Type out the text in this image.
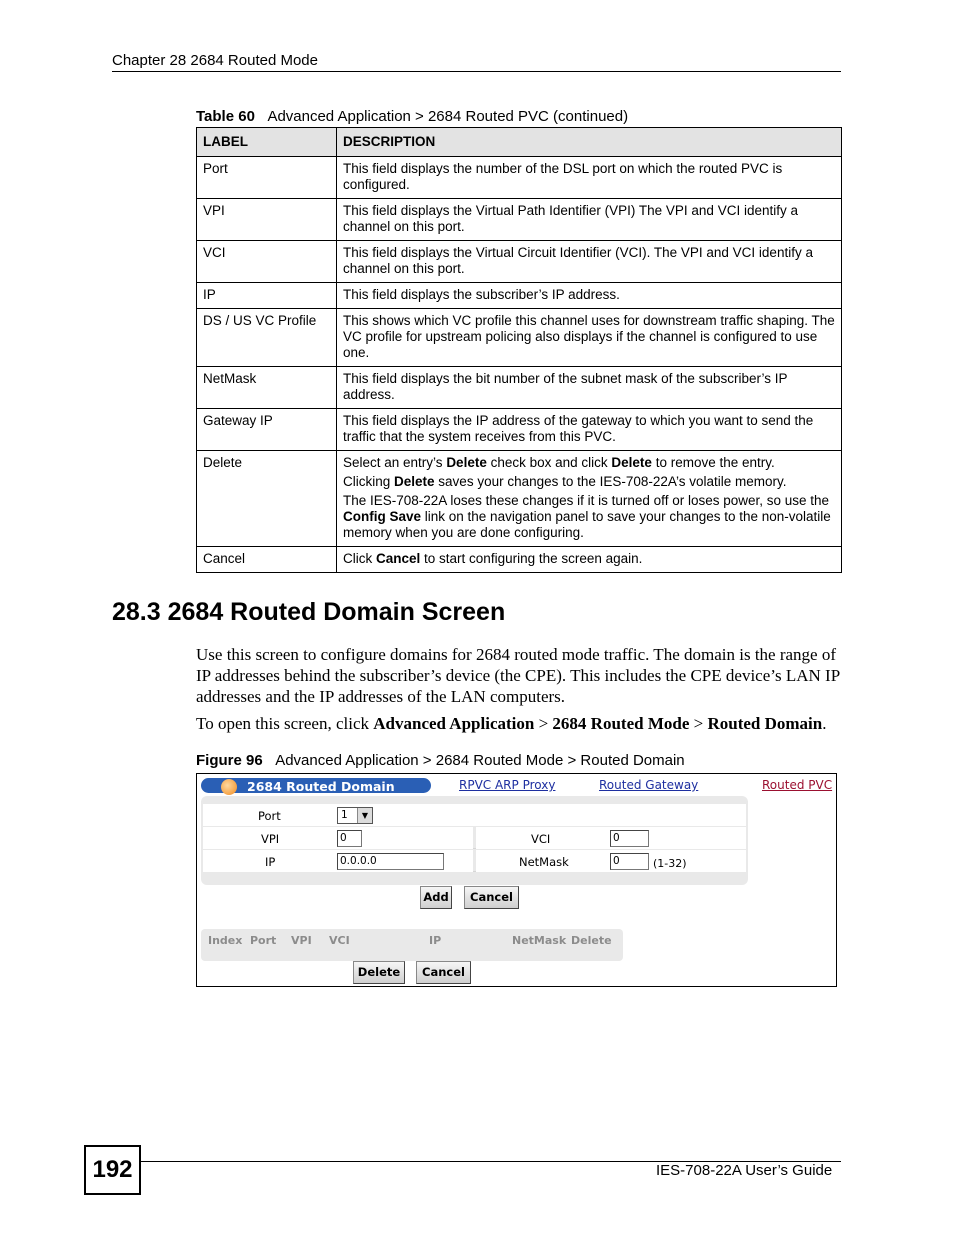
Chapter 28 2684 Routed Mode
Table 60 Advanced Application > 2684 Routed PVC (continued)
LABEL	DESCRIPTION
Port	This field displays the number of the DSL port on which the routed PVC is configured.
VPI	This field displays the Virtual Path Identifier (VPI) The VPI and VCI identify a channel on this port.
VCI	This field displays the Virtual Circuit Identifier (VCI). The VPI and VCI identify a channel on this port.
IP	This field displays the subscriber’s IP address.
DS / US VC Profile	This shows which VC profile this channel uses for downstream traffic shaping. The VC profile for upstream policing also displays if the channel is configured to use one.
NetMask	This field displays the bit number of the subnet mask of the subscriber’s IP address.
Gateway IP	This field displays the IP address of the gateway to which you want to send the traffic that the system receives from this PVC.
Delete	Select an entry’s Delete check box and click Delete to remove the entry.

Clicking Delete saves your changes to the IES-708-22A’s volatile memory.

The IES-708-22A loses these changes if it is turned off or loses power, so use the Config Save link on the navigation panel to save your changes to the non-volatile memory when you are done configuring.

Cancel	Click Cancel to start configuring the screen again.
28.3 2684 Routed Domain Screen
Use this screen to configure domains for 2684 routed mode traffic. The domain is the range of IP addresses behind the subscriber’s device (the CPE). This includes the CPE device’s LAN IP addresses and the IP addresses of the LAN computers.
To open this screen, click Advanced Application > 2684 Routed Mode > Routed Domain.
Figure 96 Advanced Application > 2684 Routed Mode > Routed Domain
2684 Routed Domain	RPVC ARP Proxy	Routed Gateway	Routed PVC
Port	1	▼
VPI	0	VCI	0
IP	0.0.0.0	NetMask	0	(1-32)
Add	Cancel
Index Port VPI VCI	IP	NetMask Delete
Delete	Cancel
192	IES-708-22A User’s Guide
